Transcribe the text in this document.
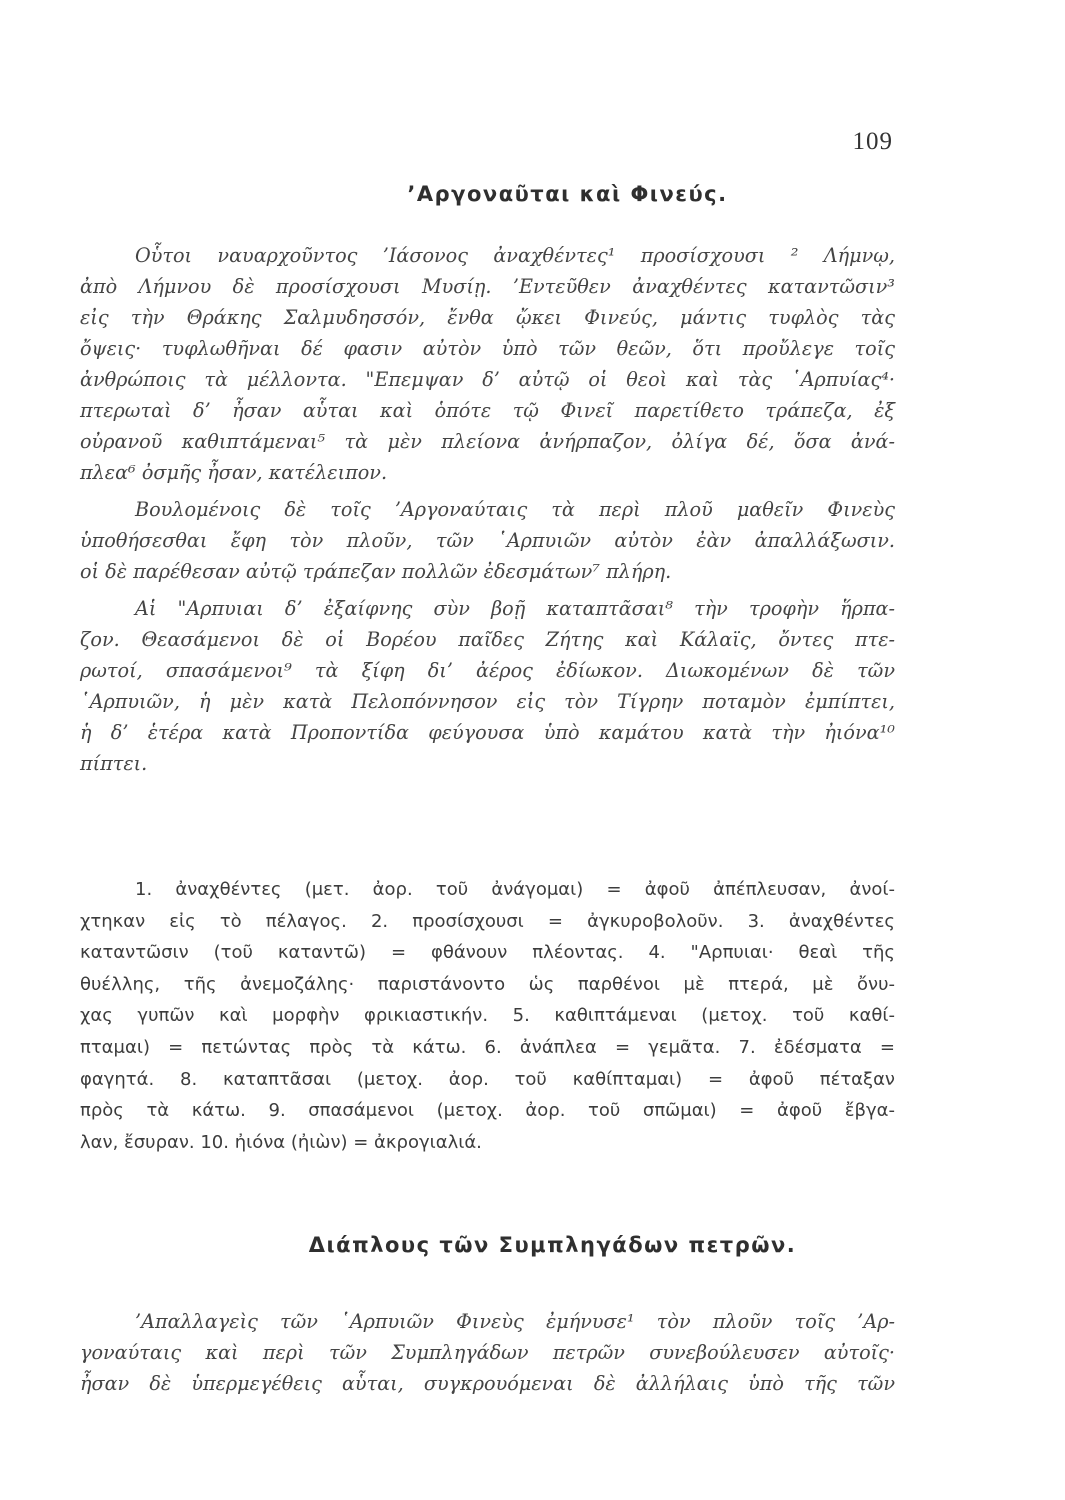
109
’Αργοναῦται καὶ Φινεύς.
Οὗτοι ναυαρχοῦντος ’Ιάσονος ἀναχθέντες¹ προσίσχουσι ² Λήμνῳ,
ἀπὸ Λήμνου δὲ προσίσχουσι Μυσίῃ. ’Εντεῦθεν ἀναχθέντες καταντῶσιν³
εἰς τὴν Θράκης Σαλμυδησσόν, ἔνθα ᾤκει Φινεύς, μάντις τυφλὸς τὰς
ὄψεις· τυφλωθῆναι δέ φασιν αὐτὸν ὑπὸ τῶν θεῶν, ὅτι προὔλεγε τοῖς
ἀνθρώποις τὰ μέλλοντα. "Επεμψαν δ’ αὐτῷ οἱ θεοὶ καὶ τὰς ῾Αρπυίας⁴·
πτερωταὶ δ’ ἦσαν αὗται καὶ ὁπότε τῷ Φινεῖ παρετίθετο τράπεζα, ἐξ
οὐρανοῦ καθιπτάμεναι⁵ τὰ μὲν πλείονα ἀνήρπαζον, ὀλίγα δέ, ὅσα ἀνά-
πλεα⁶ ὀσμῆς ἦσαν, κατέλειπον.
Βουλομένοις δὲ τοῖς ’Αργοναύταις τὰ περὶ πλοῦ μαθεῖν Φινεὺς
ὑποθήσεσθαι ἔφη τὸν πλοῦν, τῶν ῾Αρπυιῶν αὐτὸν ἐὰν ἀπαλλάξωσιν.
οἱ δὲ παρέθεσαν αὐτῷ τράπεζαν πολλῶν ἐδεσμάτων⁷ πλήρη.
Αἱ "Αρπυιαι δ’ ἐξαίφνης σὺν βοῇ καταπτᾶσαι⁸ τὴν τροφὴν ἥρπα-
ζον. Θεασάμενοι δὲ οἱ Βορέου παῖδες Ζήτης καὶ Κάλαϊς, ὄντες πτε-
ρωτοί, σπασάμενοι⁹ τὰ ξίφη δι’ ἀέρος ἐδίωκον. Διωκομένων δὲ τῶν
῾Αρπυιῶν, ἡ μὲν κατὰ Πελοπόννησον εἰς τὸν Τίγρην ποταμὸν ἐμπίπτει,
ἡ δ’ ἑτέρα κατὰ Προποντίδα φεύγουσα ὑπὸ καμάτου κατὰ τὴν ἠιόνα¹⁰
πίπτει.
1. ἀναχθέντες (μετ. ἀορ. τοῦ ἀνάγομαι) = ἀφοῦ ἀπέπλευσαν, ἀνοί-
χτηκαν εἰς τὸ πέλαγος. 2. προσίσχουσι = ἀγκυροβολοῦν. 3. ἀναχθέντες
καταντῶσιν (τοῦ καταντῶ) = φθάνουν πλέοντας. 4. "Αρπυιαι· θεαὶ τῆς
θυέλλης, τῆς ἀνεμοζάλης· παριστάνοντο ὡς παρθένοι μὲ πτερά, μὲ ὄνυ-
χας γυπῶν καὶ μορφὴν φρικιαστικήν. 5. καθιπτάμεναι (μετοχ. τοῦ καθί-
πταμαι) = πετώντας πρὸς τὰ κάτω. 6. ἀνάπλεα = γεμᾶτα. 7. ἐδέσματα =
φαγητά. 8. καταπτᾶσαι (μετοχ. ἀορ. τοῦ καθίπταμαι) = ἀφοῦ πέταξαν
πρὸς τὰ κάτω. 9. σπασάμενοι (μετοχ. ἀορ. τοῦ σπῶμαι) = ἀφοῦ ἔβγα-
λαν, ἔσυραν. 10. ἠιόνα (ἠιὼν) = ἀκρογιαλιά.
Διάπλους τῶν Συμπληγάδων πετρῶν.
’Απαλλαγεὶς τῶν ῾Αρπυιῶν Φινεὺς ἐμήνυσε¹ τὸν πλοῦν τοῖς ’Αρ-
γοναύταις καὶ περὶ τῶν Συμπληγάδων πετρῶν συνεβούλευσεν αὐτοῖς·
ἦσαν δὲ ὑπερμεγέθεις αὗται, συγκρουόμεναι δὲ ἀλλήλαις ὑπὸ τῆς τῶν
